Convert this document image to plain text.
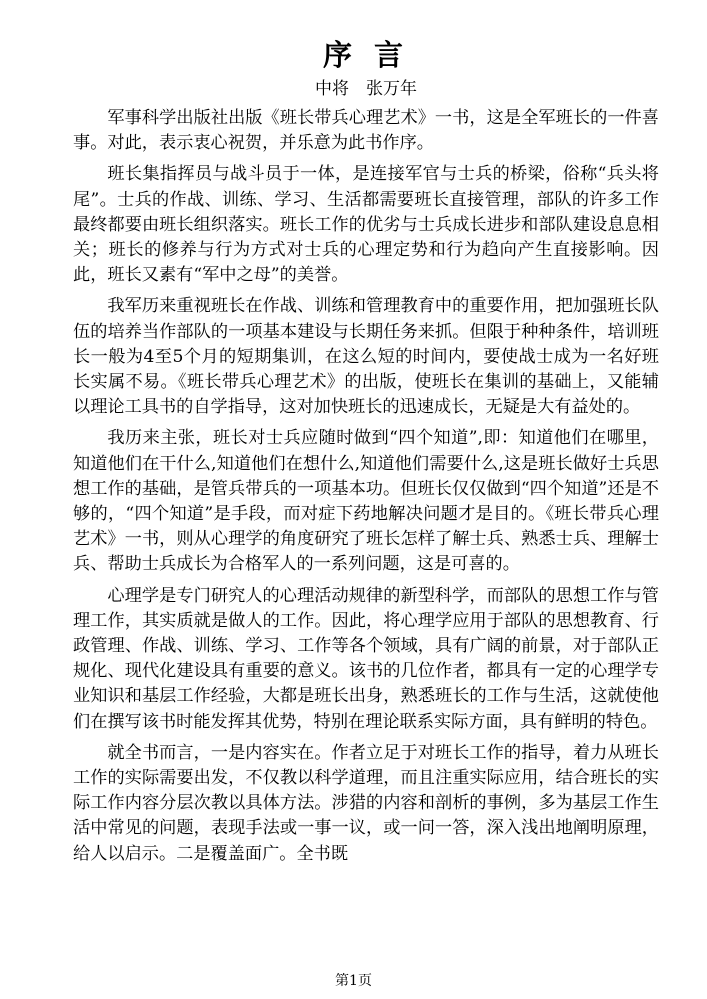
序 言
中将　张万年

军事科学出版社出版《班长带兵心理艺术》一书，这是全军班长的一件喜事。对此，表示衷心祝贺，并乐意为此书作序。

班长集指挥员与战斗员于一体，是连接军官与士兵的桥梁，俗称“兵头将尾”。士兵的作战、训练、学习、生活都需要班长直接管理，部队的许多工作最终都要由班长组织落实。班长工作的优劣与士兵成长进步和部队建设息息相关；班长的修养与行为方式对士兵的心理定势和行为趋向产生直接影响。因此，班长又素有“军中之母”的美誉。

我军历来重视班长在作战、训练和管理教育中的重要作用，把加强班长队伍的培养当作部队的一项基本建设与长期任务来抓。但限于种种条件，培训班长一般为4至5个月的短期集训，在这么短的时间内，要使战士成为一名好班长实属不易。《班长带兵心理艺术》的出版，使班长在集训的基础上，又能辅以理论工具书的自学指导，这对加快班长的迅速成长，无疑是大有益处的。

我历来主张，班长对士兵应随时做到“四个知道”,即：知道他们在哪里，知道他们在干什么,知道他们在想什么,知道他们需要什么,这是班长做好士兵思想工作的基础，是管兵带兵的一项基本功。但班长仅仅做到“四个知道”还是不够的，“四个知道”是手段，而对症下药地解决问题才是目的。《班长带兵心理艺术》一书，则从心理学的角度研究了班长怎样了解士兵、熟悉士兵、理解士兵、帮助士兵成长为合格军人的一系列问题，这是可喜的。

心理学是专门研究人的心理活动规律的新型科学，而部队的思想工作与管理工作，其实质就是做人的工作。因此，将心理学应用于部队的思想教育、行政管理、作战、训练、学习、工作等各个领域，具有广阔的前景，对于部队正规化、现代化建设具有重要的意义。该书的几位作者，都具有一定的心理学专业知识和基层工作经验，大都是班长出身，熟悉班长的工作与生活，这就使他们在撰写该书时能发挥其优势，特别在理论联系实际方面，具有鲜明的特色。

就全书而言，一是内容实在。作者立足于对班长工作的指导，着力从班长工作的实际需要出发，不仅教以科学道理，而且注重实际应用，结合班长的实际工作内容分层次教以具体方法。涉猎的内容和剖析的事例，多为基层工作生活中常见的问题，表现手法或一事一议，或一问一答，深入浅出地阐明原理，给人以启示。二是覆盖面广。全书既

第1页
